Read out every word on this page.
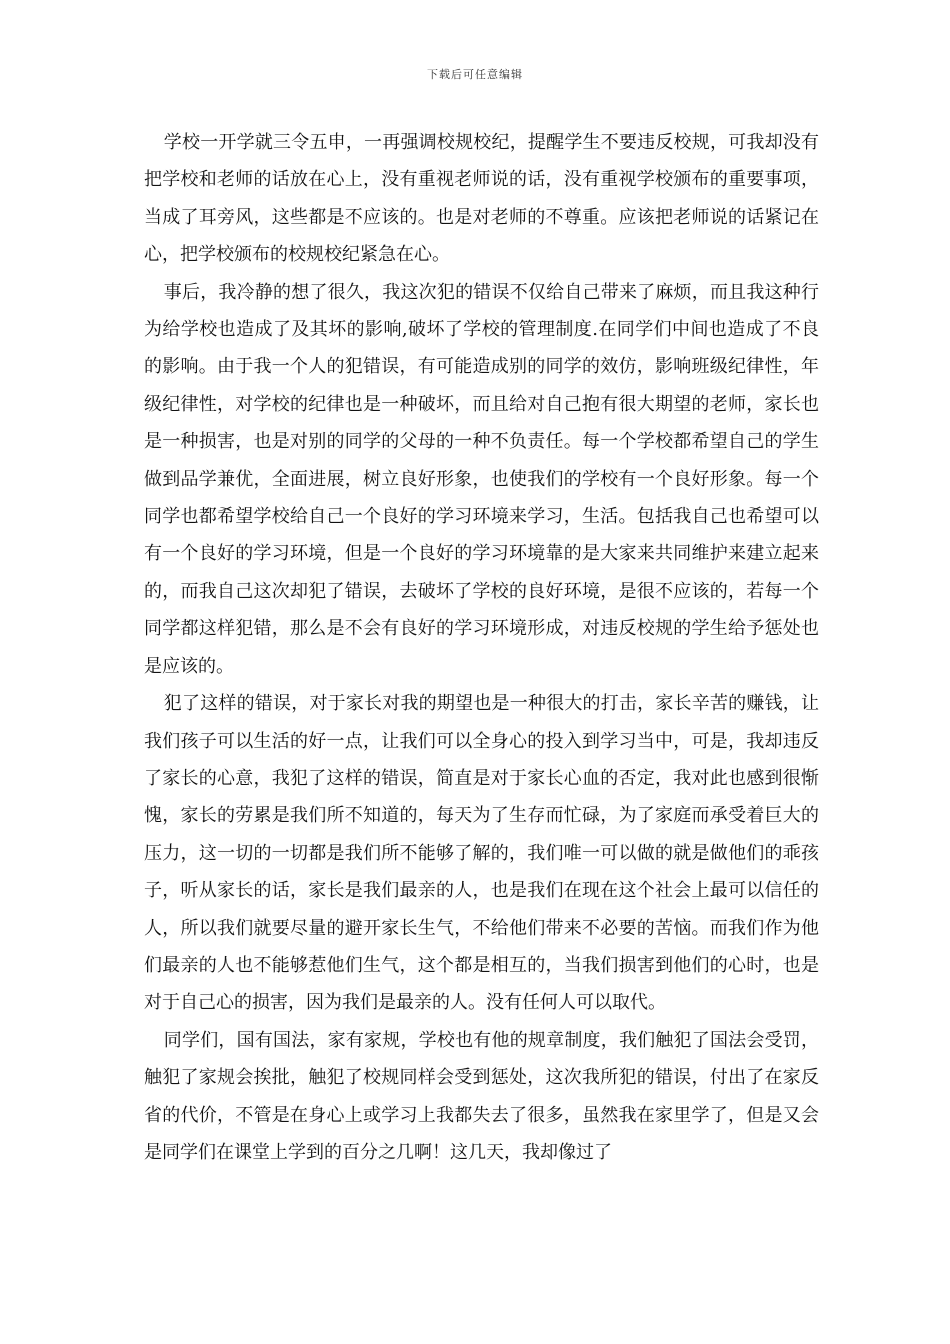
下载后可任意编辑

学校一开学就三令五申，一再强调校规校纪，提醒学生不要违反校规，可我却没有把学校和老师的话放在心上，没有重视老师说的话，没有重视学校颁布的重要事项，当成了耳旁风，这些都是不应该的。也是对老师的不尊重。应该把老师说的话紧记在心，把学校颁布的校规校纪紧急在心。

事后，我冷静的想了很久，我这次犯的错误不仅给自己带来了麻烦，而且我这种行为给学校也造成了及其坏的影响,破坏了学校的管理制度.在同学们中间也造成了不良的影响。由于我一个人的犯错误，有可能造成别的同学的效仿，影响班级纪律性，年级纪律性，对学校的纪律也是一种破坏，而且给对自己抱有很大期望的老师，家长也是一种损害，也是对别的同学的父母的一种不负责任。每一个学校都希望自己的学生做到品学兼优，全面进展，树立良好形象，也使我们的学校有一个良好形象。每一个同学也都希望学校给自己一个良好的学习环境来学习，生活。包括我自己也希望可以有一个良好的学习环境，但是一个良好的学习环境靠的是大家来共同维护来建立起来的，而我自己这次却犯了错误，去破坏了学校的良好环境，是很不应该的，若每一个同学都这样犯错，那么是不会有良好的学习环境形成，对违反校规的学生给予惩处也是应该的。

犯了这样的错误，对于家长对我的期望也是一种很大的打击，家长辛苦的赚钱，让我们孩子可以生活的好一点，让我们可以全身心的投入到学习当中，可是，我却违反了家长的心意，我犯了这样的错误，简直是对于家长心血的否定，我对此也感到很惭愧，家长的劳累是我们所不知道的，每天为了生存而忙碌，为了家庭而承受着巨大的压力，这一切的一切都是我们所不能够了解的，我们唯一可以做的就是做他们的乖孩子，听从家长的话，家长是我们最亲的人，也是我们在现在这个社会上最可以信任的人，所以我们就要尽量的避开家长生气，不给他们带来不必要的苦恼。而我们作为他们最亲的人也不能够惹他们生气，这个都是相互的，当我们损害到他们的心时，也是对于自己心的损害，因为我们是最亲的人。没有任何人可以取代。

同学们，国有国法，家有家规，学校也有他的规章制度，我们触犯了国法会受罚，触犯了家规会挨批，触犯了校规同样会受到惩处，这次我所犯的错误，付出了在家反省的代价，不管是在身心上或学习上我都失去了很多，虽然我在家里学了，但是又会是同学们在课堂上学到的百分之几啊！这几天，我却像过了
